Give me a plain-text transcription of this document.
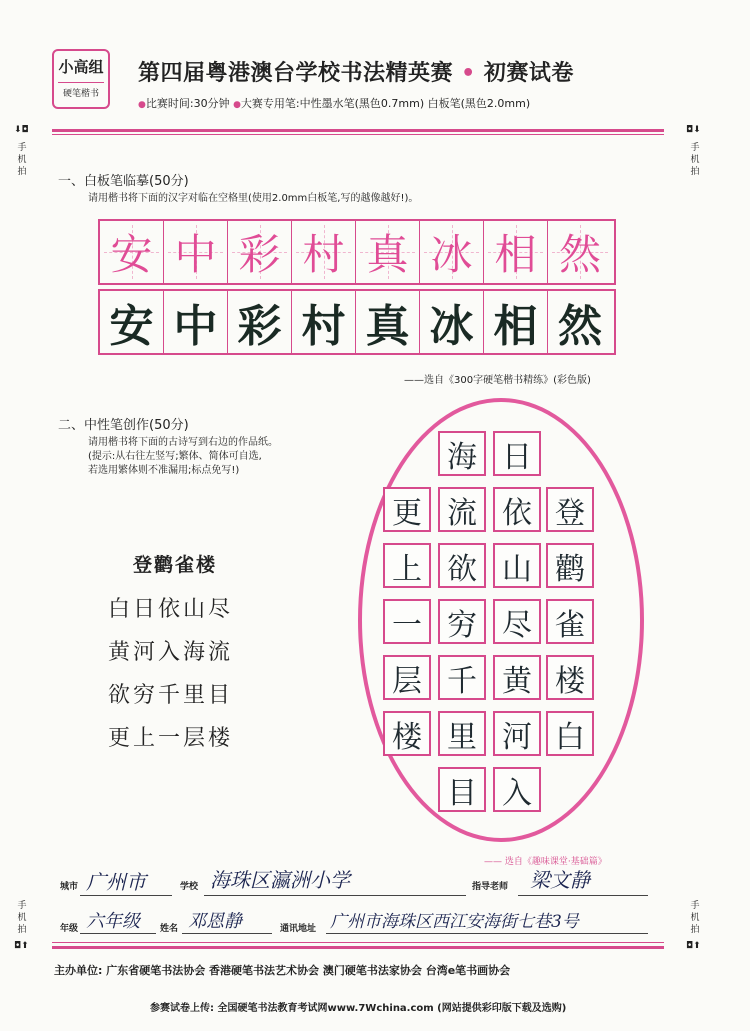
小高组
硬笔楷书
第四届粤港澳台学校书法精英赛 • 初赛试卷
●比赛时间:30分钟 ●大赛专用笔:中性墨水笔(黑色0.7mm) 白板笔(黑色2.0mm)
⬇◘
手机拍
◘⬇
手机拍
手机拍
◘⬆
手机拍
◘⬆
一、白板笔临摹(50分)
请用楷书将下面的汉字对临在空格里(使用2.0mm白板笔,写的越像越好!)。
安 中 彩 村 真 冰 相 然
安 中 彩 村 真 冰 相 然
——选自《300字硬笔楷书精练》(彩色版)
二、中性笔创作(50分)
请用楷书将下面的古诗写到右边的作品纸。
(提示:从右往左竖写;繁体、简体可自选,
若选用繁体则不准漏用;标点免写!)
登鹳雀楼
白日依山尽
黄河入海流
欲穷千里目
更上一层楼
日
海
登
依
流
更
鹳
山
欲
上
雀
尽
穷
一
楼
黄
千
层
白
河
里
楼
入
目
—— 选自《趣味课堂·基础篇》
城市 广州市	学校 海珠区瀛洲小学	指导老师 梁文静
年级 六年级 姓名 邓恩静	通讯地址 广州市海珠区西江安海街七巷3号
主办单位: 广东省硬笔书法协会 香港硬笔书法艺术协会 澳门硬笔书法家协会 台湾e笔书画协会
参赛试卷上传: 全国硬笔书法教育考试网www.7Wchina.com (网站提供彩印版下载及选购)
